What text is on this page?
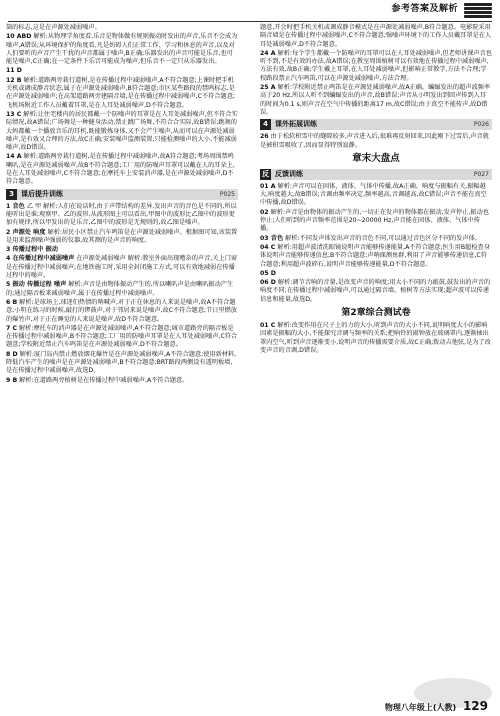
参考答案及解析
箇的标志,这是在声源处减弱噪声。
10 ABD 解析:从物理学角度看,乐音是物体做有规则振动时发出的声音,乐音不会成为噪声,A错误;从环境保护的角度看,凡是妨碍人们正常工作、学习和休息的声音,以及对人们要听的声音产生干扰的声音都属于噪声,B正确;乐器发出的声音可能是乐音,也可能是噪声,C正确;在一定条件下乐音可能成为噪声,但乐音不一定只从乐器发出。
11 D
12 B 解析:道路两旁栽行道树,是在传播过程中减弱噪声,A不符合题意;上课时把手机关机或调成静音状态,属于在声源处减弱噪声,B符合题意;市区某些路段的禁鸣标志,是在声源处减弱噪声;在高架道路两旁建隔音墙,是在传播过程中减弱噪声,C不符合题意;飞机场附近工作人员戴着耳罩,是在人耳处减弱噪声,D不符合题意。
13 C 解析:让住宅楼内的居民都戴一个防噪声的耳罩是在人耳处减弱噪声,但不符合实际情况,故A错误;广场舞是一种健身活动,禁止跳广场舞,不符合合实际,故B错误;跳舞的大妈都戴一个播放音乐的耳机,既能锻炼身体,又不会产生噪声,从而可以在声源处减弱噪声,是有效又合理的方法,故C正确;安装噪声监测装置,只能检测噪声的大小,不能减弱噪声,故D错误。
14 A 解析:道路两旁栽行道树,是在传播过程中减弱噪声,故A符合题意;考场周围禁鸣喇叭,是在声源处减弱噪声,故B不符合题意;工厂用的防噪声耳罩可以戴在人的耳朵上,是在人耳处减弱噪声,C不符合题意;在摩托车上安装消声器,是在声源处减弱噪声,D不符合题意。
3	课后提升训练	P025
1 音色 乙 甲 解析:人们在说话时,由于声带结构的差异,发出声音的音色是不同的,所以能听出是谁;观察甲、乙的波形,从波形图上可以看出,甲图中的波形比乙图中的波形更加有规律,所以甲发出的是乐音,乙图中的波形是无规则的,故乙图是噪声。
2 声源处 响度 解析:居民小区禁止汽车鸣笛是在声源处减弱噪声。根据图可知,该装置是用来监测噪声强弱的仪器,故其测的是声音的响度。
3 传播过程中 振动
4 在传播过程中减弱噪声 在声源处减弱噪声 解析:教室外面出现嘈杂的声音,关上门窗是在传播过程中减弱噪声;在地铁施工时,采用全封闭施工方式,可以有效地减弱在传播过程中的噪声。
5 振动 传播过程 噪声 解析:声音是由物体振动产生的,所以喇叭声是由喇叭振动产生的;通过隔音板来减弱噪声,属于在传播过程中减弱噪声。
6 B 解析:是球场上,球迷们热情的呐喊声,对于正在休息的人来说是噪声,故A不符合题意;小明在练习的时候,敲打的锣鼓声,对于邻居来说是噪声,故C不符合题意;节日里燃放的爆竹声,对于正在睡觉的人来说是噪声,故D不符合题意。
7 C 解析:摩托车的消声器是在声源处减弱噪声,A不符合题意;城市道路旁的隔音板是在传播过程中减弱噪声,B不符合题意;工厂用的防噪声耳罩是在人耳处减弱噪声,C符合题意;学校附近禁止汽车鸣笛是在声源处减弱噪声,D不符合题意。
8 D 解析:厦门岛内禁止燃放烟花爆竹是在声源处减弱噪声,A不符合题意;使用新材料,降低汽车产生的噪声是在声源处减弱噪声,B不符合题意;BRT路段两侧设有透明板墙,是在传播过程中减弱噪声,故选D。
9 B 解析:在道路两旁植树是在传播过程中减弱噪声,A不符合题意。
题意,开会时把手机关机或调成静音模式是在声源处减弱噪声,B符合题意。电影院采用隔音墙是在传播过程中减弱噪声,C不符合题意;强噪声环境下的工作人员戴耳罩是在人耳处减弱噪声,D不符合题意。
24 A 解析:每个学生都戴一个防噪声的耳罩可以在人耳处减弱噪声,但老师讲课声音也听不到,不是有效的办法,故A错误;在教室周围植树可以有效地在传播过程中减弱噪声,方法有效,故B正确;学生戴上耳罩,在人耳处减弱噪声,但影响正常教学,方法不合理;学校路段禁止汽车鸣笛,可以在声源处减弱噪声,方法合理。
25 A 解析:学校附近禁止鸣笛是在声源处减弱噪声,故A正确。蝙蝠发出的超声波频率高于20 Hz,所以人听不到蝙蝠发出的声音,故B错误;声音从小明发出到回声传到人耳的时间为0.1 s,则声音在空气中传播的距离17 m,故C错误;由于真空不能传声,故D错误。
4	课外拓展训练	P026
26 由于松软积雪中的缝隙较多,声音进入后,很难再反射回来,因此刚下过雪后,声音就是被积雪吸收了,因而显得特别寂静。
章末大盘点
反 反馈训练	P027
01 A 解析:声音可以在固体、液体、气体中传播,故A正确。响度与振幅有关,振幅越大,响度越大,故B错误;音调由频率决定,频率越高,音调越高,故C错误;声音不能在真空中传播,故D错误。
02 解析:声音是由物体的振动产生的,一切正在发声的物体都在振动,发声停止,振动也停止;人们听到的声音频率范围是20~20000 Hz,声音能在固体、液体、气体中传播。
03 音色 解析:不同发声体发出声音的音色不同,可以通过音色区分不同的发声体。
04 C 解析:用超声波清洗眼镜说明声音能够传递能量,A不符合题意;医生用B超检查身体说明声音能够传递信息,B不符合题意;声呐探测鱼群,利用了声音能够传递信息,C符合题意;利用超声波碎石,说明声音能够传递能量,D不符合题意。
05 D
06 D 解析:调节音响的音量,是改变声音的响度;用大小不同的力敲鼓,鼓发出的声音的响度不同;在传播过程中减弱噪声,可以通过隔音墙、植树等方法实现;超声波可以传递信息和能量,故选D。
第2章综合测试卷
01 C 解析:改变作用在尺子上的力的大小,听到声音的大小不同,说明响度大小的影响因素是振幅的大小,不能探究音调与频率的关系;把响铃的闹钟放在玻璃罩内,逐渐抽出罩内空气,听到声音逐渐变小,说明声音的传播需要介质,故C正确;拨动吉他弦,是为了改变声音的音调,D错误。
物理八年级上(人教) 129
